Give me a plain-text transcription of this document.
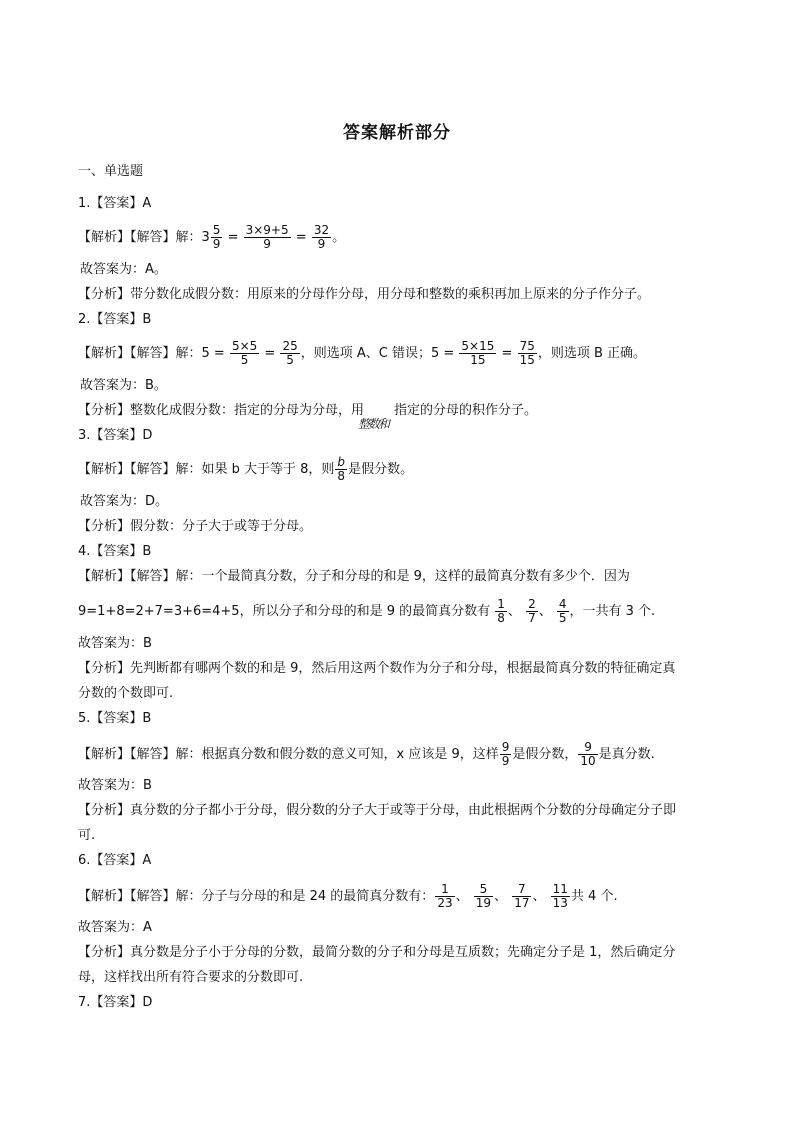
答案解析部分
一、单选题
1.【答案】A
【解析】【解答】解：$3 \frac{5}{9} = \frac{3\times 9+5}{9} = \frac{32}{9}$ 。
故答案为：A。
【分析】带分数化成假分数：用原来的分母作分母，用分母和整数的乘积再加上原来的分子作分子。
2.【答案】B
【解析】【解答】解：$5 = \frac{5\times 5}{5} = \frac{25}{5}$ ，则选项 A、C 错误；$5 = \frac{5\times 15}{15} = \frac{75}{15}$ ，则选项 B 正确。
故答案为：B。
【分析】整数化成假分数：指定的分母为分母，用
整数和
指定的分母的积作分子。
3.【答案】D
【解析】【解答】解：如果 b 大于等于 8，则 $\frac{b}{8}$ 是假分数。
故答案为：D。
【分析】假分数：分子大于或等于分母。
4.【答案】B
【解析】【解答】解：一个最简真分数，分子和分母的和是 9，这样的最简真分数有多少个．因为
9=1+8=2+7=3+6=4+5，所以分子和分母的和是 9 的最简真分数有 $\frac{1}{8}$ 、 $\frac{2}{7}$ 、 $\frac{4}{5}$ ，一共有 3 个.
故答案为：B
【分析】先判断都有哪两个数的和是 9，然后用这两个数作为分子和分母，根据最简真分数的特征确定真
分数的个数即可.
5.【答案】B
【解析】【解答】解：根据真分数和假分数的意义可知，x 应该是 9，这样 $\frac{9}{9}$ 是假分数， $\frac{9}{10}$ 是真分数.
故答案为：B
【分析】真分数的分子都小于分母，假分数的分子大于或等于分母，由此根据两个分数的分母确定分子即
可.
6.【答案】A
【解析】【解答】解：分子与分母的和是 24 的最简真分数有： $\frac{1}{23}$ 、 $\frac{5}{19}$ 、 $\frac{7}{17}$ 、 $\frac{11}{13}$ 共 4 个.
故答案为：A
【分析】真分数是分子小于分母的分数，最简分数的分子和分母是互质数；先确定分子是 1，然后确定分
母，这样找出所有符合要求的分数即可.
7.【答案】D
